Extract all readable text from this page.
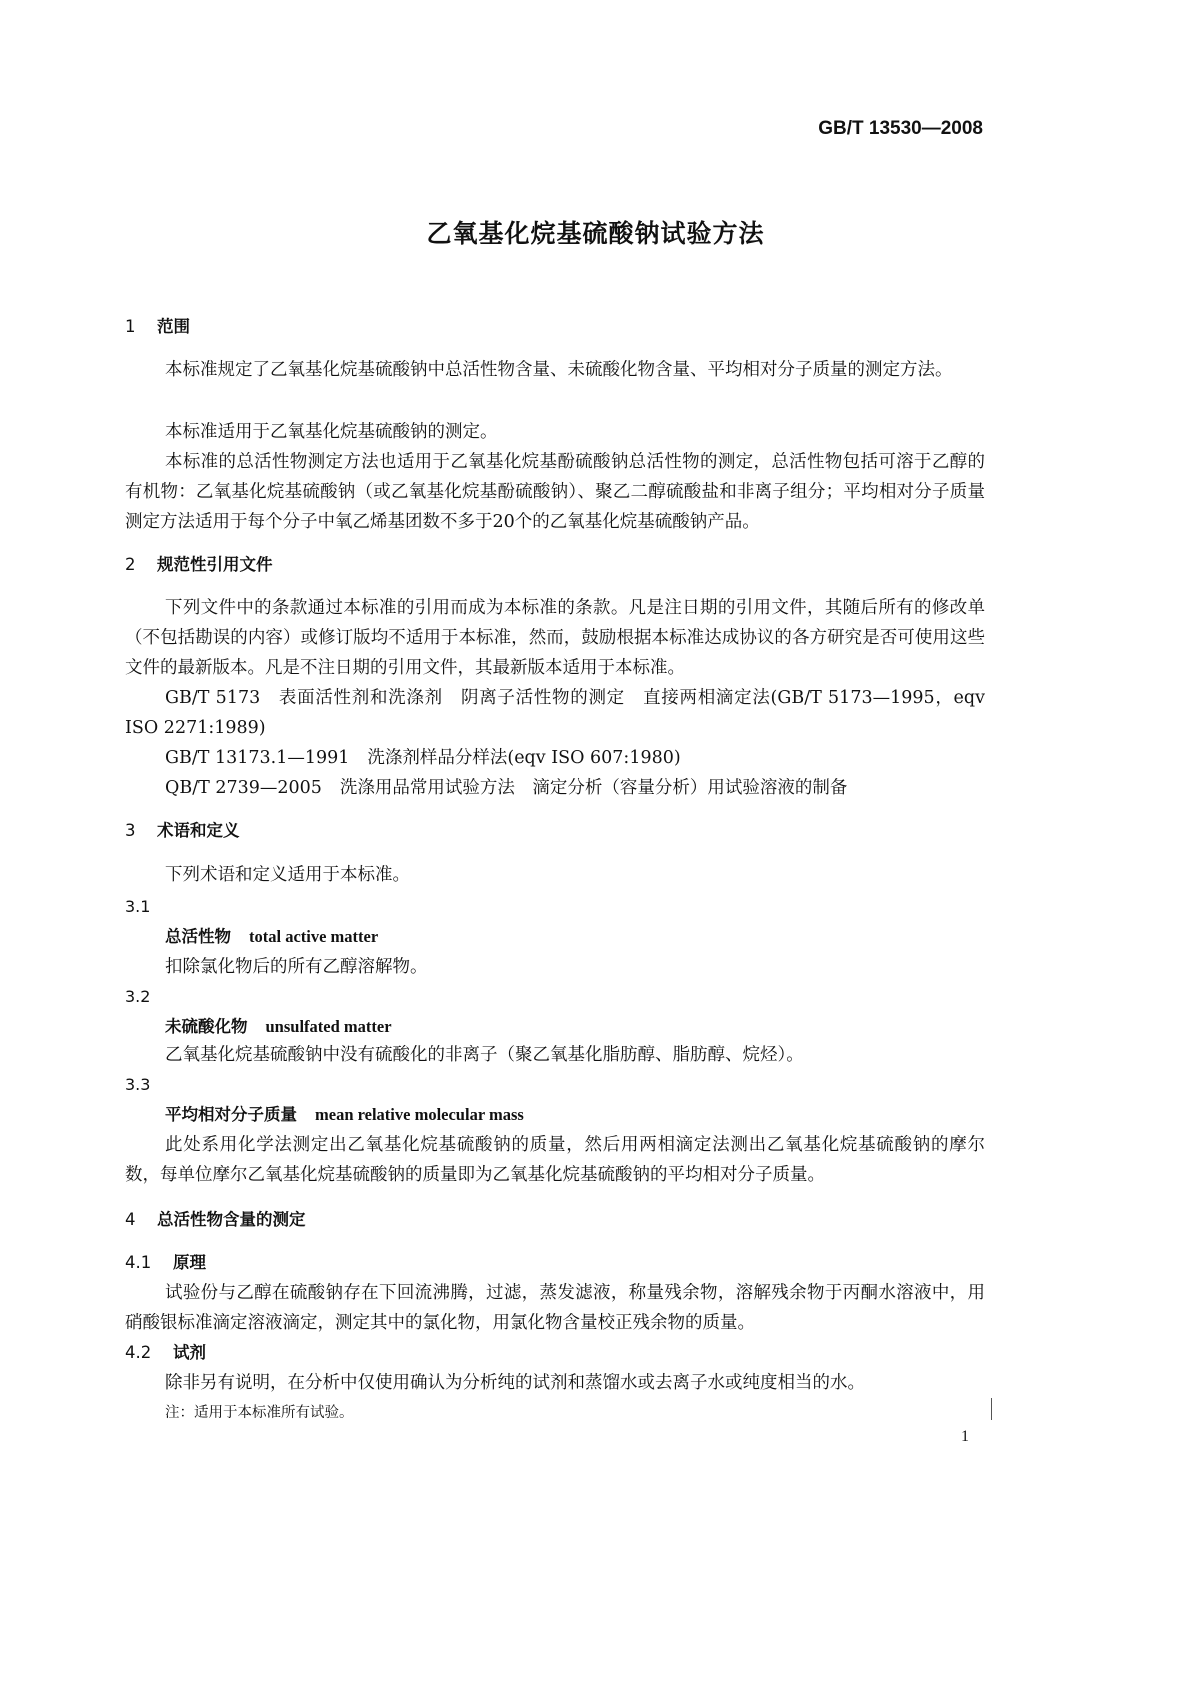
GB/T 13530—2008
乙氧基化烷基硫酸钠试验方法
1 范围
本标准规定了乙氧基化烷基硫酸钠中总活性物含量、未硫酸化物含量、平均相对分子质量的测定方法。
本标准适用于乙氧基化烷基硫酸钠的测定。
本标准的总活性物测定方法也适用于乙氧基化烷基酚硫酸钠总活性物的测定，总活性物包括可溶于乙醇的有机物：乙氧基化烷基硫酸钠（或乙氧基化烷基酚硫酸钠）、聚乙二醇硫酸盐和非离子组分；平均相对分子质量测定方法适用于每个分子中氧乙烯基团数不多于20个的乙氧基化烷基硫酸钠产品。
2 规范性引用文件
下列文件中的条款通过本标准的引用而成为本标准的条款。凡是注日期的引用文件，其随后所有的修改单（不包括勘误的内容）或修订版均不适用于本标准，然而，鼓励根据本标准达成协议的各方研究是否可使用这些文件的最新版本。凡是不注日期的引用文件，其最新版本适用于本标准。
GB/T 5173 表面活性剂和洗涤剂　阴离子活性物的测定　直接两相滴定法(GB/T 5173—1995，eqv ISO 2271:1989)
GB/T 13173.1—1991 洗涤剂样品分样法(eqv ISO 607:1980)
QB/T 2739—2005 洗涤用品常用试验方法　滴定分析（容量分析）用试验溶液的制备
3 术语和定义
下列术语和定义适用于本标准。
3.1
总活性物 total active matter
扣除氯化物后的所有乙醇溶解物。
3.2
未硫酸化物 unsulfated matter
乙氧基化烷基硫酸钠中没有硫酸化的非离子（聚乙氧基化脂肪醇、脂肪醇、烷烃）。
3.3
平均相对分子质量 mean relative molecular mass
此处系用化学法测定出乙氧基化烷基硫酸钠的质量，然后用两相滴定法测出乙氧基化烷基硫酸钠的摩尔数，每单位摩尔乙氧基化烷基硫酸钠的质量即为乙氧基化烷基硫酸钠的平均相对分子质量。
4 总活性物含量的测定
4.1 原理
试验份与乙醇在硫酸钠存在下回流沸腾，过滤，蒸发滤液，称量残余物，溶解残余物于丙酮水溶液中，用硝酸银标准滴定溶液滴定，测定其中的氯化物，用氯化物含量校正残余物的质量。
4.2 试剂
除非另有说明，在分析中仅使用确认为分析纯的试剂和蒸馏水或去离子水或纯度相当的水。
注：适用于本标准所有试验。
1
